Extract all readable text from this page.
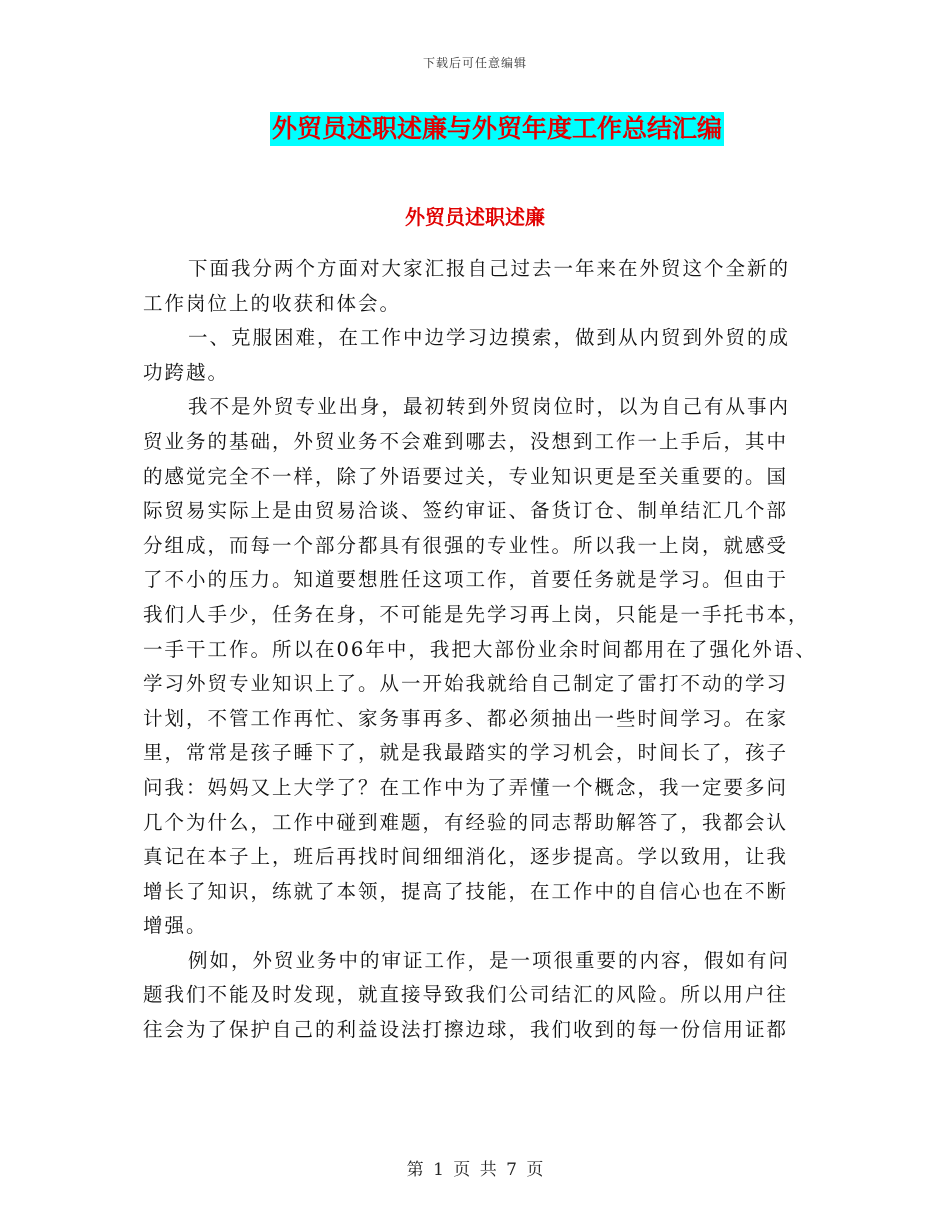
下载后可任意编辑
外贸员述职述廉与外贸年度工作总结汇编
外贸员述职述廉
下面我分两个方面对大家汇报自己过去一年来在外贸这个全新的
工作岗位上的收获和体会。
一、克服困难，在工作中边学习边摸索，做到从内贸到外贸的成
功跨越。
我不是外贸专业出身，最初转到外贸岗位时，以为自己有从事内
贸业务的基础，外贸业务不会难到哪去，没想到工作一上手后，其中
的感觉完全不一样，除了外语要过关，专业知识更是至关重要的。国
际贸易实际上是由贸易洽谈、签约审证、备货订仓、制单结汇几个部
分组成，而每一个部分都具有很强的专业性。所以我一上岗，就感受
了不小的压力。知道要想胜任这项工作，首要任务就是学习。但由于
我们人手少，任务在身，不可能是先学习再上岗，只能是一手托书本，
一手干工作。所以在06年中，我把大部份业余时间都用在了强化外语、
学习外贸专业知识上了。从一开始我就给自己制定了雷打不动的学习
计划，不管工作再忙、家务事再多、都必须抽出一些时间学习。在家
里，常常是孩子睡下了，就是我最踏实的学习机会，时间长了，孩子
问我：妈妈又上大学了？在工作中为了弄懂一个概念，我一定要多问
几个为什么，工作中碰到难题，有经验的同志帮助解答了，我都会认
真记在本子上，班后再找时间细细消化，逐步提高。学以致用，让我
增长了知识，练就了本领，提高了技能，在工作中的自信心也在不断
增强。
例如，外贸业务中的审证工作，是一项很重要的内容，假如有问
题我们不能及时发现，就直接导致我们公司结汇的风险。所以用户往
往会为了保护自己的利益设法打擦边球，我们收到的每一份信用证都
第 1 页 共 7 页
